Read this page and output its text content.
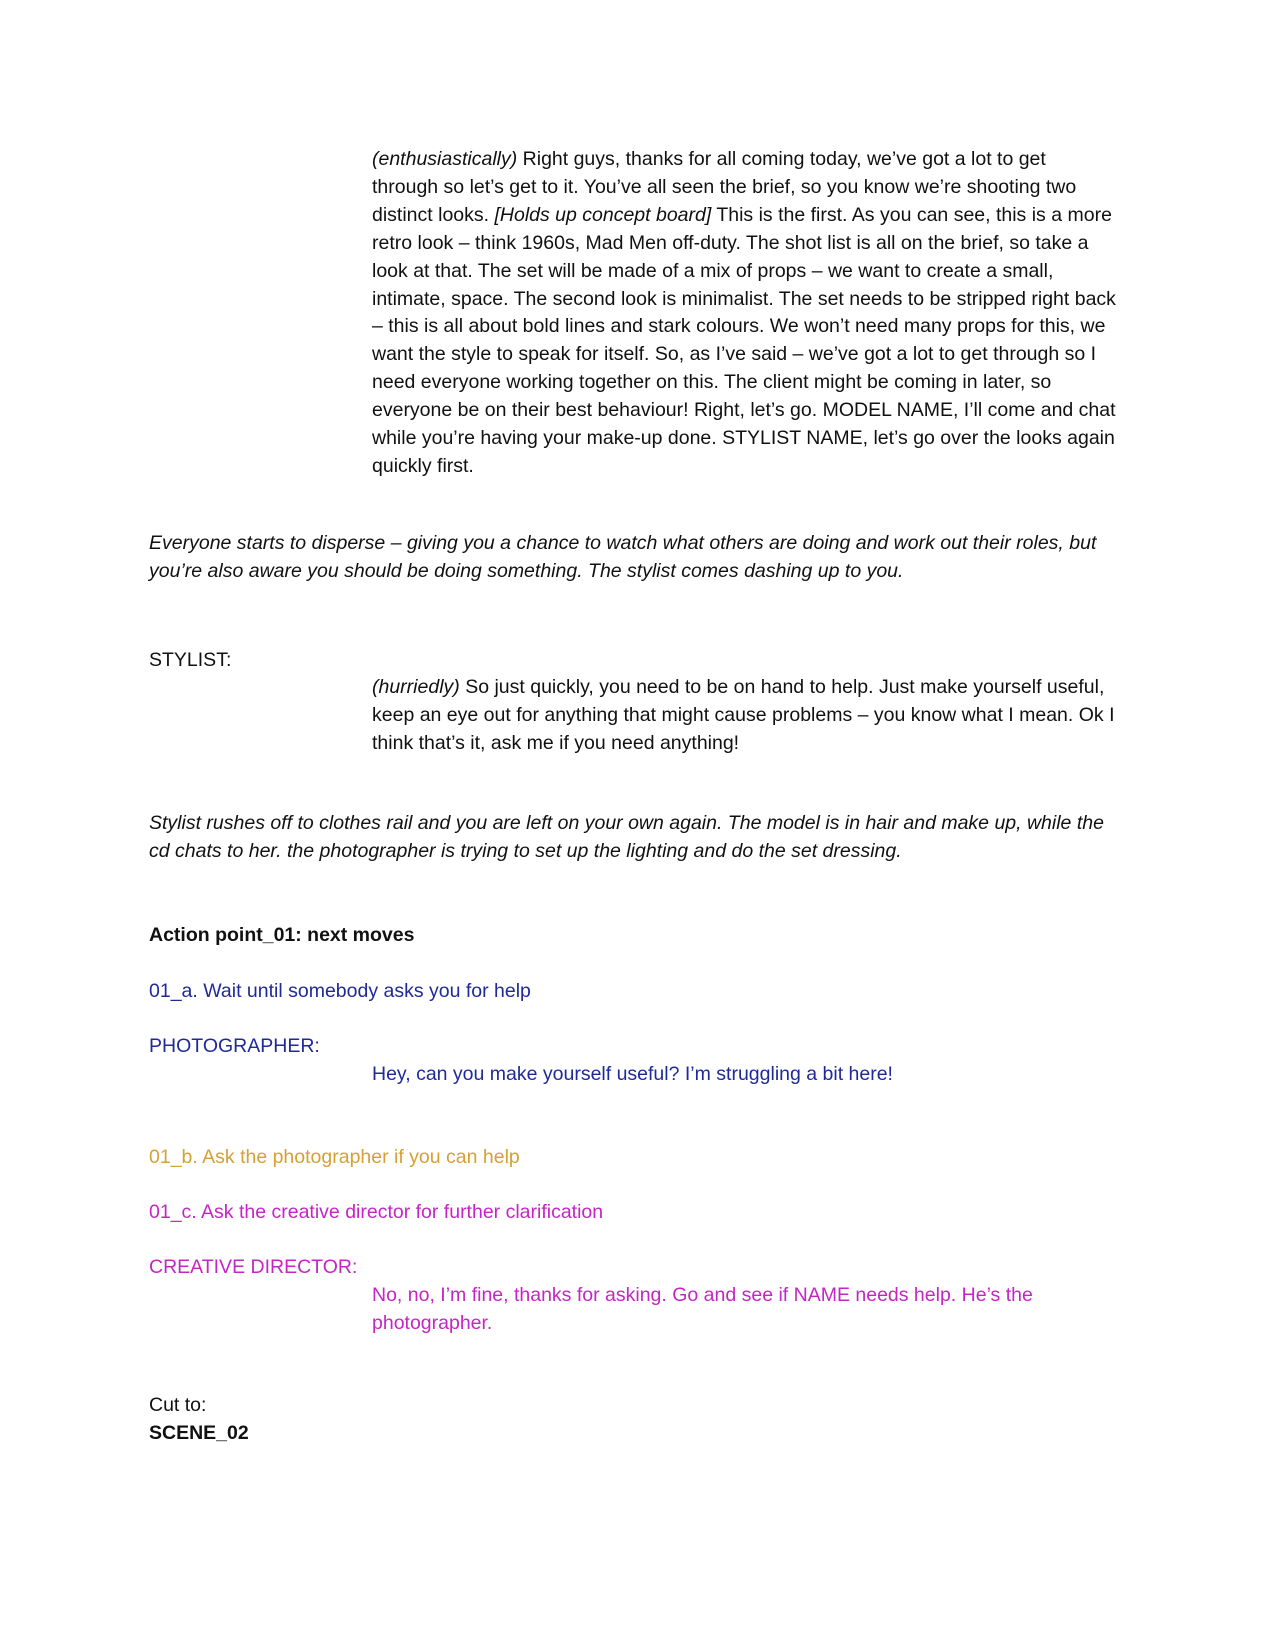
(enthusiastically) Right guys, thanks for all coming today, we’ve got a lot to get through so let’s get to it. You’ve all seen the brief, so you know we’re shooting two distinct looks. [Holds up concept board] This is the first. As you can see, this is a more retro look – think 1960s, Mad Men off-duty. The shot list is all on the brief, so take a look at that. The set will be made of a mix of props – we want to create a small, intimate, space. The second look is minimalist. The set needs to be stripped right back – this is all about bold lines and stark colours. We won’t need many props for this, we want the style to speak for itself. So, as I’ve said – we’ve got a lot to get through so I need everyone working together on this. The client might be coming in later, so everyone be on their best behaviour! Right, let’s go. MODEL NAME, I’ll come and chat while you’re having your make-up done. STYLIST NAME, let’s go over the looks again quickly first.

Everyone starts to disperse – giving you a chance to watch what others are doing and work out their roles, but you’re also aware you should be doing something. The stylist comes dashing up to you.

STYLIST:

(hurriedly) So just quickly, you need to be on hand to help. Just make yourself useful, keep an eye out for anything that might cause problems – you know what I mean. Ok I think that’s it, ask me if you need anything!

Stylist rushes off to clothes rail and you are left on your own again. The model is in hair and make up, while the cd chats to her. the photographer is trying to set up the lighting and do the set dressing.

Action point_01: next moves

01_a. Wait until somebody asks you for help

PHOTOGRAPHER:

Hey, can you make yourself useful? I’m struggling a bit here!

01_b. Ask the photographer if you can help

01_c. Ask the creative director for further clarification

CREATIVE DIRECTOR:

No, no, I’m fine, thanks for asking. Go and see if NAME needs help. He’s the photographer.

Cut to:

SCENE_02
